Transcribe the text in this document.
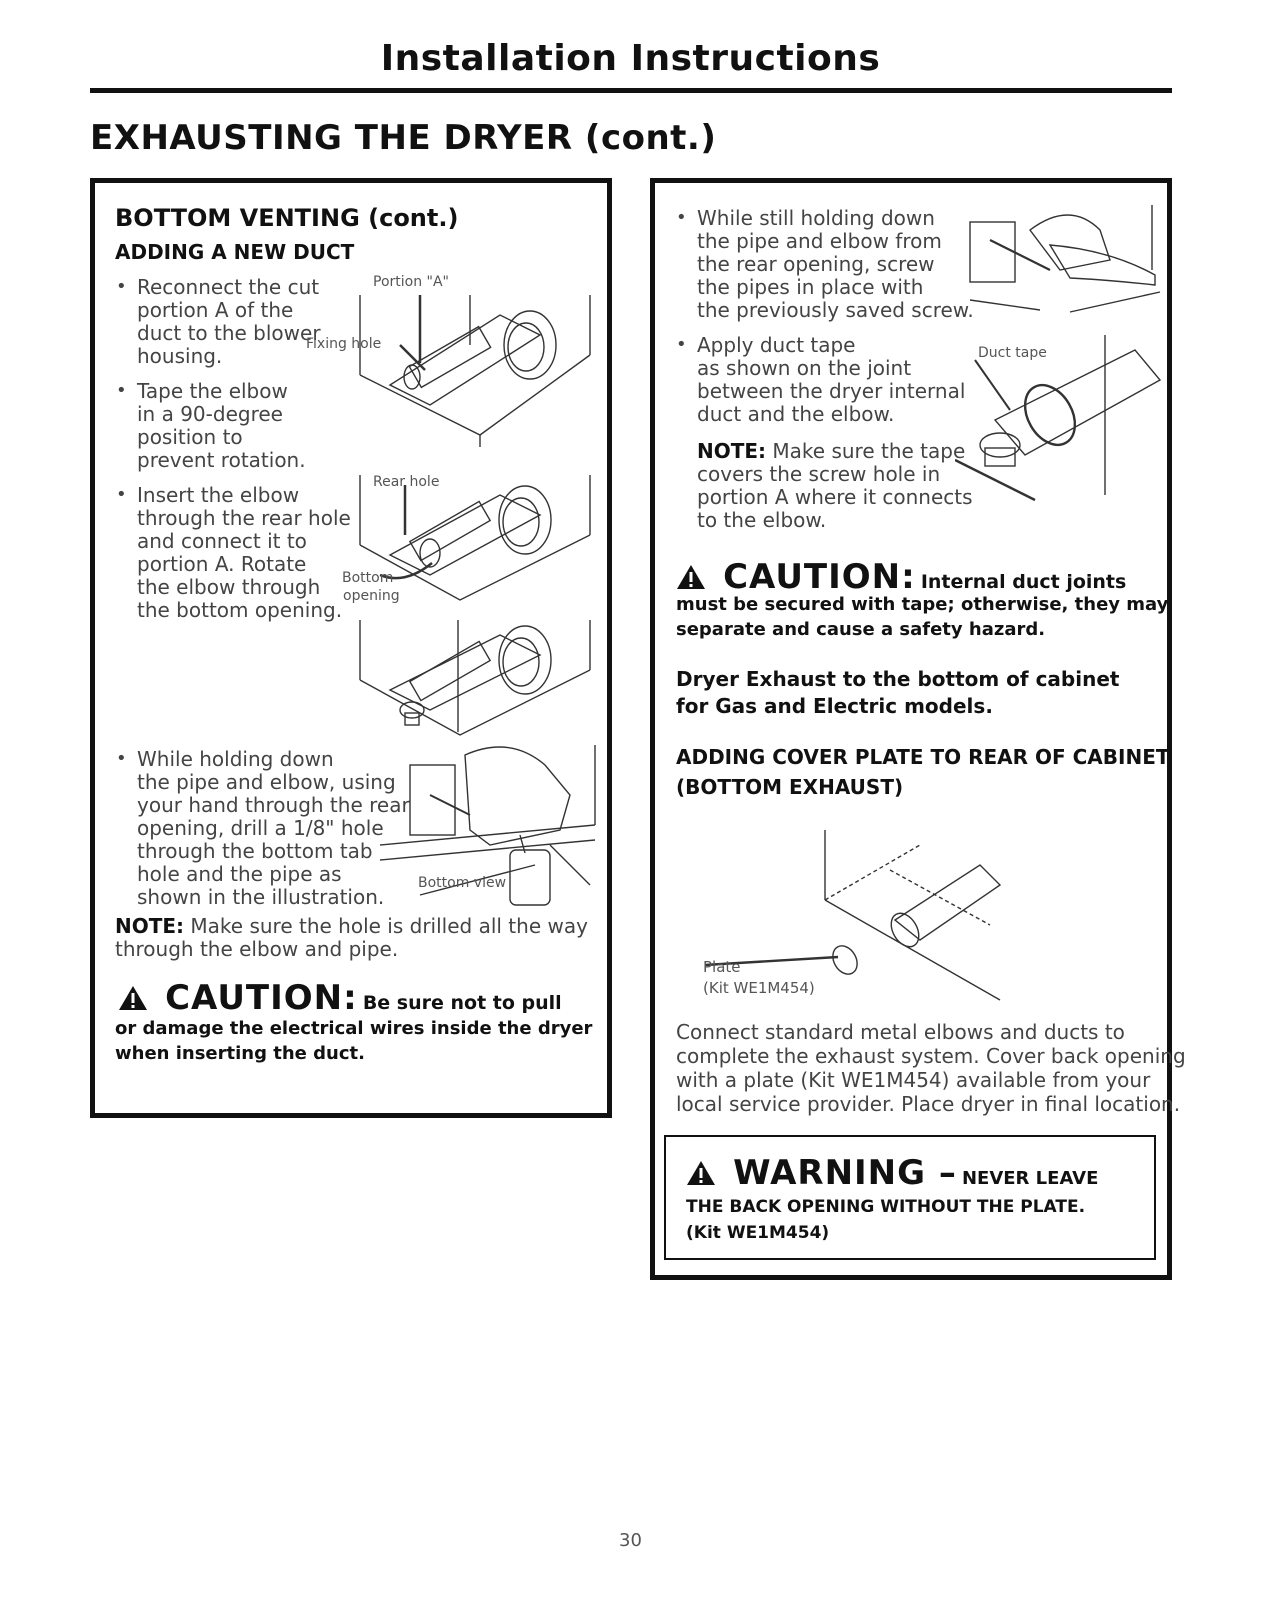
Installation Instructions
EXHAUSTING THE DRYER (cont.)
BOTTOM VENTING (cont.)
ADDING A NEW DUCT
• Reconnect the cut
portion A of the
duct to the blower
housing.
• Tape the elbow
in a 90-degree
position to
prevent rotation.
• Insert the elbow
through the rear hole
and connect it to
portion A. Rotate
the elbow through
the bottom opening.
Portion "A"
Fixing hole
Rear hole
Bottom
opening
• While holding down
the pipe and elbow, using
your hand through the rear
opening, drill a 1/8" hole
through the bottom tab
hole and the pipe as
shown in the illustration.
Bottom view
NOTE: Make sure the hole is drilled all the way
through the elbow and pipe.
CAUTION: Be sure not to pull
or damage the electrical wires inside the dryer
when inserting the duct.
• While still holding down
the pipe and elbow from
the rear opening, screw
the pipes in place with
the previously saved screw.
• Apply duct tape
as shown on the joint
between the dryer internal
duct and the elbow.
Duct tape
NOTE: Make sure the tape
covers the screw hole in
portion A where it connects
to the elbow.
CAUTION: Internal duct joints
must be secured with tape; otherwise, they may
separate and cause a safety hazard.
Dryer Exhaust to the bottom of cabinet
for Gas and Electric models.
ADDING COVER PLATE TO REAR OF CABINET
(BOTTOM EXHAUST)
Plate
(Kit WE1M454)
Connect standard metal elbows and ducts to
complete the exhaust system. Cover back opening
with a plate (Kit WE1M454) available from your
local service provider. Place dryer in final location.
WARNING – NEVER LEAVE
THE BACK OPENING WITHOUT THE PLATE.
(Kit WE1M454)
30
